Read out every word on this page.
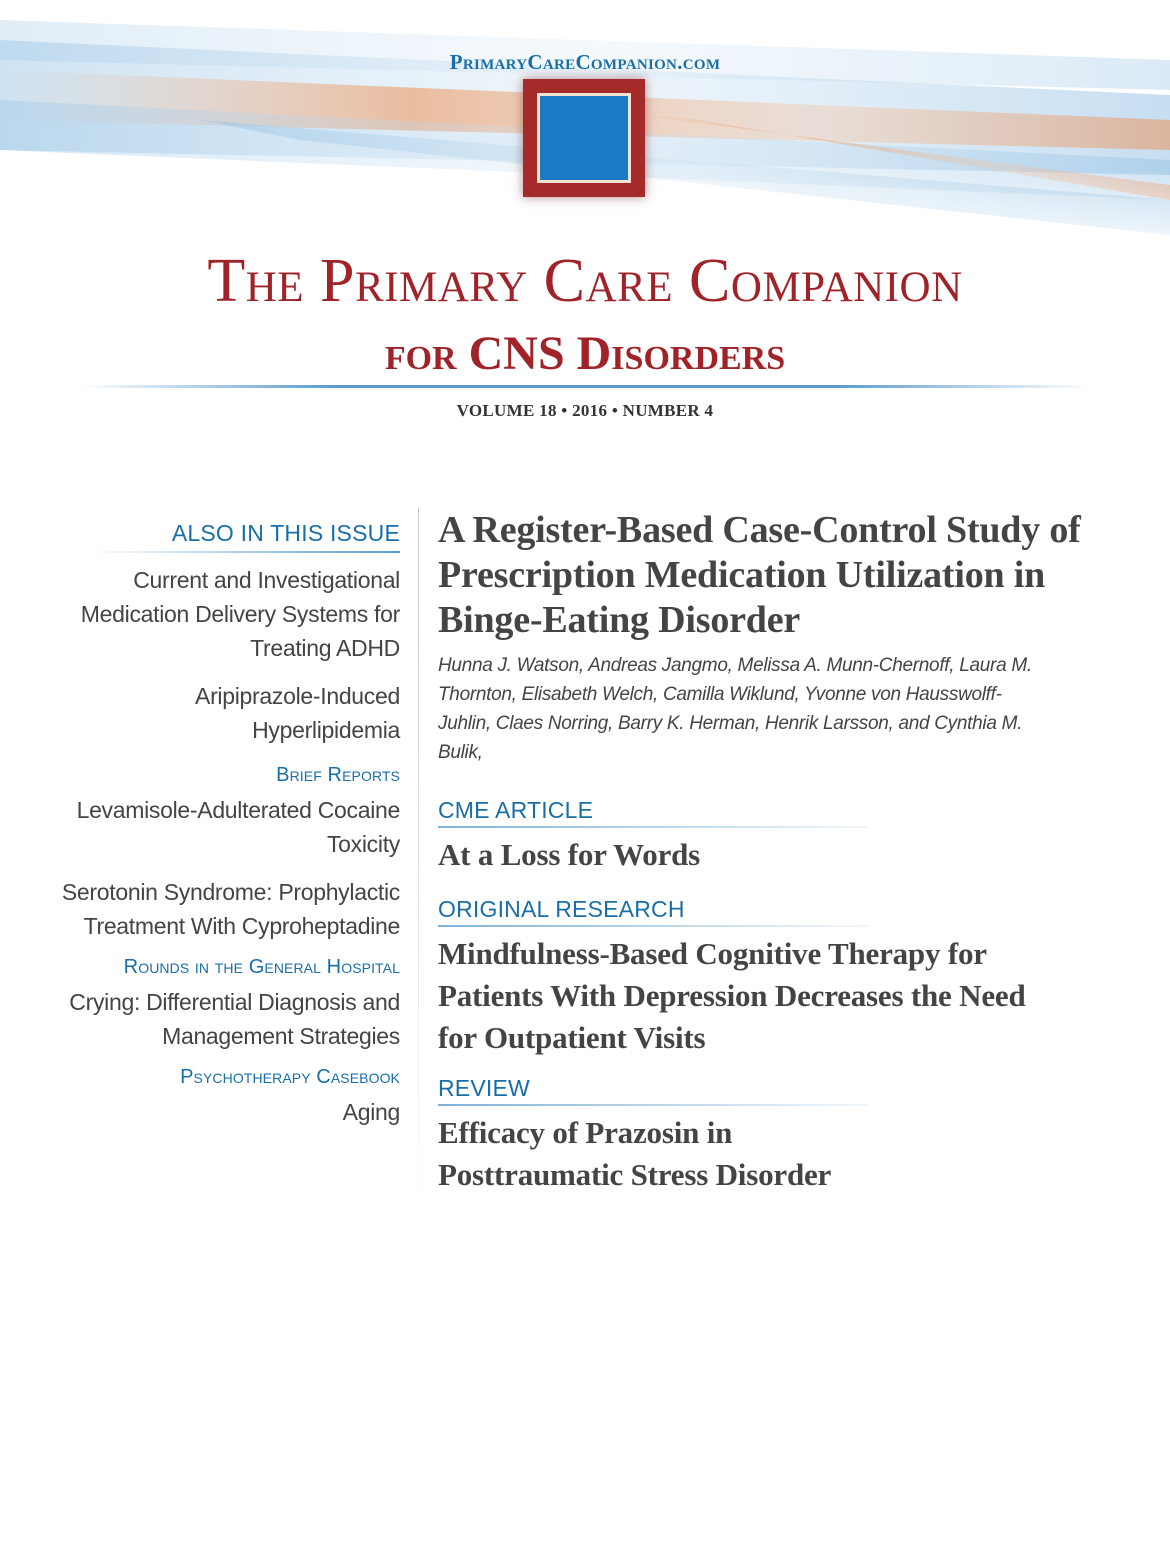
PrimaryCareCompanion.com
The Primary Care Companion
for CNS Disorders
VOLUME 18 • 2016 • NUMBER 4
ALSO IN THIS ISSUE
Current and Investigational Medication Delivery Systems for Treating ADHD
Aripiprazole-Induced Hyperlipidemia
Brief Reports
Levamisole-Adulterated Cocaine Toxicity
Serotonin Syndrome: Prophylactic Treatment With Cyproheptadine
Rounds in the General Hospital
Crying: Differential Diagnosis and Management Strategies
Psychotherapy Casebook
Aging
A Register-Based Case-Control Study of Prescription Medication Utilization in Binge-Eating Disorder
Hunna J. Watson, Andreas Jangmo, Melissa A. Munn-Chernoff, Laura M. Thornton, Elisabeth Welch, Camilla Wiklund, Yvonne von Hausswolff-Juhlin, Claes Norring, Barry K. Herman, Henrik Larsson, and Cynthia M. Bulik,
CME ARTICLE
At a Loss for Words
ORIGINAL RESEARCH
Mindfulness-Based Cognitive Therapy for Patients With Depression Decreases the Need for Outpatient Visits
REVIEW
Efficacy of Prazosin in Posttraumatic Stress Disorder
